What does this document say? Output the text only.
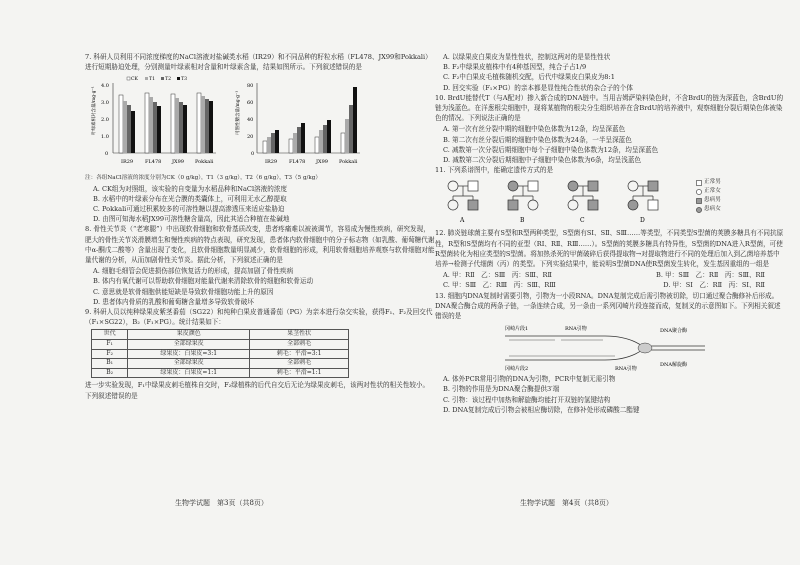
7. 科研人员利用不同浓度梯度的NaCl溶液对盐碱类水稻（IR29）和不同品种的籽粒水稻（FL478、JX99和Pokkali）进行短期胁迫处理，分别测量叶绿素相对含量和叶绿素含量，结果如图所示。下列叙述错误的是

叶绿素相对含量/mg·g⁻¹
4.0
3.0
2.0
1.0
0
IR29 FL478 JX99 Pokkali
CK T1 T2 T3
可溶性糖含量/mg·g⁻¹
80
60
40
20
0
IR29 FL478 JX99 Pokkali

注：各组NaCl溶液的浓度分别为CK（0 g/kg），T1（3 g/kg），T2（6 g/kg），T3（5 g/kg）

A. CK组为对照组，该实验的自变量为水稻品种和NaCl溶液的浓度

B. 水稻中的叶绿素分布在光合膜的类囊体上，可利用无水乙醇提取

C. Pokkali可通过积累较多的可溶性糖以提高渗透压来适应盐胁迫

D. 由图可知海水稻JX99可溶性糖含量高，因此其适合种植在盐碱地

8. 骨性关节炎（“老寒腿”）中出现软骨细胞和软骨基质改变，患者疼痛难以被被调节，容易成为慢性疾病，研究发现，肥大的骨性关节炎滑膜增生和慢性疾病的特点表现，研究发现，患者体内软骨细胞中的分子标志物（如乳酸、葡萄糖代谢中α-酮戊二酸等）含量出现了变化，且软骨细胞数量明显减少，软骨细胞的形成，利用软骨细胞培养观察与软骨细胞对能量代谢的分析，从而加剧骨性关节炎。据此分析，下列叙述正确的是

A. 细胞毛细管会促进损伤部位恢复活力的形成，提高加剧了骨性疾病

B. 体内有氧代谢可以帮助软骨细胞对能量代谢来清除软骨的细胞和软骨运动

C. 意思就是软骨细胞供能短缺是导致软骨细胞功能上升的原因

D. 患者体内骨质的乳酸和葡萄糖含量增多导致软骨破坏

9. 科研人员以纯种绿果皮紫茎番茄（SG22）和纯种白果皮普通番茄（PG）为亲本进行杂交实验，获得F₁、F₂及回交代（F₁×SG22），B₂（F₁×PG）。统计结果如下：

世代	果皮颜色	果茎性状
F₁	全部绿果皮	全部刺毛
F₂	绿果皮：白果皮=3:1	刺毛：平滑=3:1
B₁	全部绿果皮	全部刺毛
B₂	绿果皮：白果皮=1:1	刺毛：平滑=1:1

进一步实验发现，F₁中绿果皮刺毛植株自交时，F₂绿植株的后代自交后无论为绿果皮刺毛，该两对性状的相关性较小。下列叙述错误的是

生物学试题　第3页（共8页）

A. 以绿果皮白果皮为显性性状，控制这两对的是显性性状

B. F₂中绿果皮植株中有4种基因型，纯合子占1/9

C. F₂中白果皮毛植株随机交配，后代中绿果皮白果皮为8:1

D. 回交实验（F₁×PG）的亲本都是显性纯合性状的杂合子的个体

10. BrdU能替代T（与A配对）掺入新合成的DNA链中。当用吉姆萨染料染色时，不含BrdU的链为深蓝色，含BrdU的链为浅蓝色。在洋葱根尖细胞中，现将某植物的根尖分生组织培养在含BrdU的培养液中，观察细胞分裂后期染色体被染色的情况。下列说法正确的是

A. 第一次有丝分裂中期的细胞中染色体数为12条，均呈深蓝色

B. 第二次有丝分裂后期的细胞中染色体数为24条，一半呈深蓝色

C. 减数第一次分裂后期细胞中每个子细胞中染色体数为12条，均呈深蓝色

D. 减数第二次分裂后期细胞中子细胞中染色体数为6条，均呈浅蓝色

11. 下列系谱图中，能确定遗传方式的是

A	B	C	D
正常男
正常女
患病男
患病女

12. 肺炎链球菌主要有S型和R型两种类型，S型菌有SⅠ、SⅡ、SⅢ……等类型，不同类型S型菌的荚膜多糖具有不同抗原性，R型和S型菌均有不同的亚型（RⅠ、RⅡ、RⅢ……）。S型菌的荚膜多糖具有特异性，S型菌的DNA进入R型菌，可使R型菌转化为相应类型的S型菌。将加热杀死的甲菌破碎后获得提取物→对提取物进行不同的处理后加入到乙菌培养基中培养→检测子代细菌（丙）的类型。下列实验结果中，能说明S型菌DNA使R型菌发生转化，发生基因重组的一组是

A. 甲：RⅡ　乙：SⅢ　丙：SⅢ、RⅡ	B. 甲：SⅢ　乙：RⅡ　丙：SⅢ、RⅡ
C. 甲：SⅢ　乙：RⅢ　丙：SⅢ、RⅢ	D. 甲：SⅠ　乙：RⅡ　丙：SⅠ、RⅡ

13. 细胞内DNA复制时需要引物，引物为一小段RNA。DNA复制完成后需引物被切除，切口通过聚合酶修补后形成。DNA聚合酶合成的两条子链，一条连续合成，另一条由一系列冈崎片段连接而成，复制叉的示意图如下。下列相关叙述错误的是

冈崎片段1
冈崎片段2
DNA聚合酶
RNA引物
DNA解旋酶
RNA引物

A. 体外PCR常用引物的DNA为引物，PCR中复制无需引物

B. 引物的作用是为DNA聚合酶提供3′端

C. 引物：该过程中加热和解旋酶均能打开双链的氢键结构

D. DNA复制完成后引物会被相应酶切除，在修补处形成磷酸二酯键

生物学试题　第4页（共8页）
